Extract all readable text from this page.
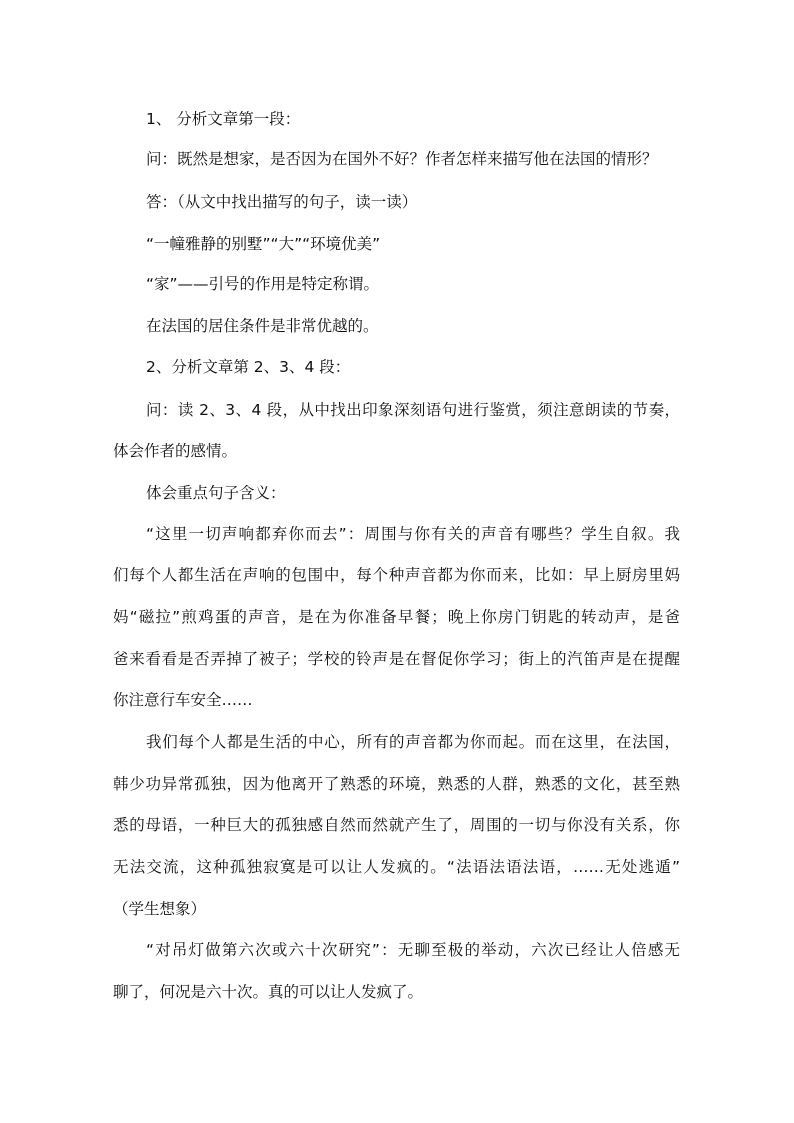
1、 分析文章第一段：
问：既然是想家，是否因为在国外不好？作者怎样来描写他在法国的情形？
答：（从文中找出描写的句子，读一读）
“一幢雅静的别墅”“大”“环境优美”
“家”——引号的作用是特定称谓。
在法国的居住条件是非常优越的。
2、分析文章第 2、3、4 段：
问：读 2、3、4 段，从中找出印象深刻语句进行鉴赏，须注意朗读的节奏，
体会作者的感情。
体会重点句子含义：
“这里一切声响都弃你而去”：周围与你有关的声音有哪些？学生自叙。我
们每个人都生活在声响的包围中，每个种声音都为你而来，比如：早上厨房里妈
妈“磁拉”煎鸡蛋的声音，是在为你准备早餐；晚上你房门钥匙的转动声，是爸
爸来看看是否弄掉了被子；学校的铃声是在督促你学习；街上的汽笛声是在提醒
你注意行车安全……
我们每个人都是生活的中心，所有的声音都为你而起。而在这里，在法国，
韩少功异常孤独，因为他离开了熟悉的环境，熟悉的人群，熟悉的文化，甚至熟
悉的母语，一种巨大的孤独感自然而然就产生了，周围的一切与你没有关系，你
无法交流，这种孤独寂寞是可以让人发疯的。“法语法语法语，……无处逃遁”
（学生想象）
“对吊灯做第六次或六十次研究”：无聊至极的举动，六次已经让人倍感无
聊了，何况是六十次。真的可以让人发疯了。
